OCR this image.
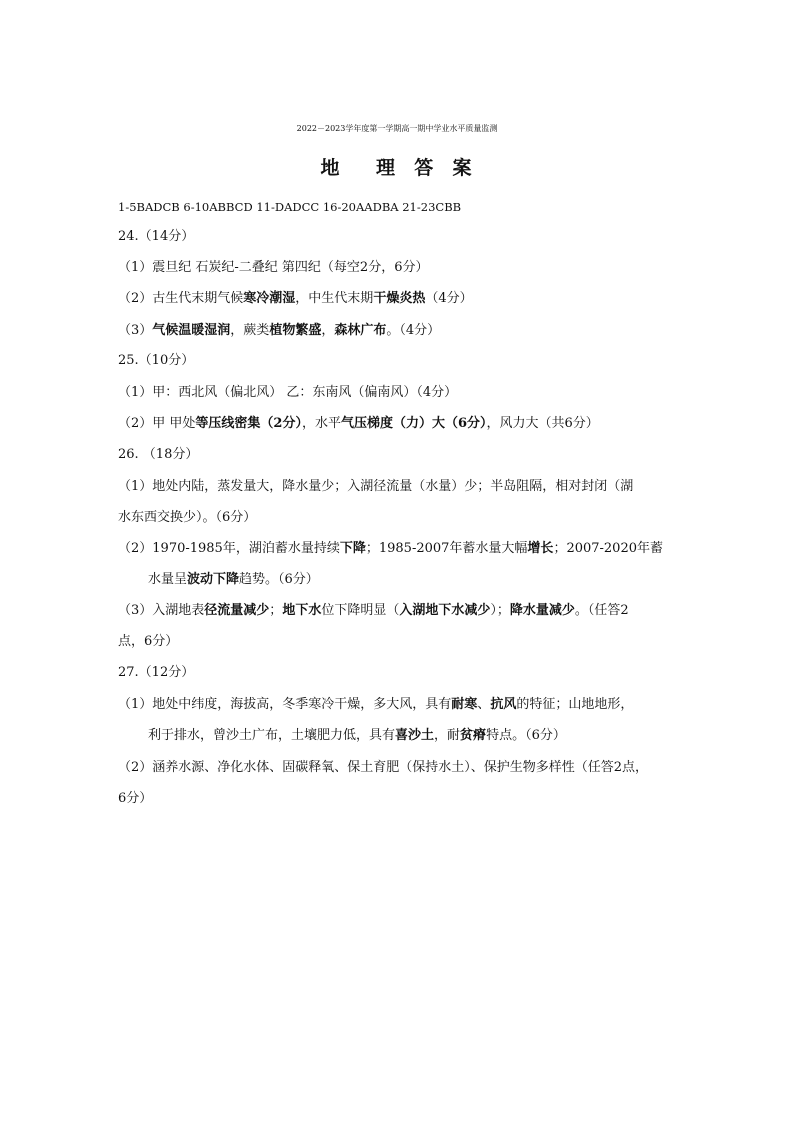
2022－2023学年度第一学期高一期中学业水平质量监测
地    理  答  案
1-5BADCB 6-10ABBCD 11-DADCC 16-20AADBA 21-23CBB
24.（14分）
（1）震旦纪 石炭纪-二叠纪 第四纪（每空2分，6分）
（2）古生代末期气候寒冷潮湿，中生代末期干燥炎热（4分）
（3）气候温暖湿润，蕨类植物繁盛，森林广布。（4分）
25.（10分）
（1）甲：西北风（偏北风） 乙：东南风（偏南风）（4分）
（2）甲 甲处等压线密集（2分），水平气压梯度（力）大（6分），风力大（共6分）
26. （18分）
（1）地处内陆，蒸发量大，降水量少；入湖径流量（水量）少；半岛阻隔，相对封闭（湖
水东西交换少）。（6分）
（2）1970-1985年，湖泊蓄水量持续下降；1985-2007年蓄水量大幅增长；2007-2020年蓄
水量呈波动下降趋势。（6分）
（3）入湖地表径流量减少；地下水位下降明显（入湖地下水减少）；降水量减少。（任答2
点，6分）
27.（12分）
（1）地处中纬度，海拔高，冬季寒冷干燥，多大风，具有耐寒、抗风的特征；山地地形，
利于排水，曾沙土广布，土壤肥力低，具有喜沙土，耐贫瘠特点。（6分）
（2）涵养水源、净化水体、固碳释氧、保土育肥（保持水土）、保护生物多样性（任答2点，
6分）
